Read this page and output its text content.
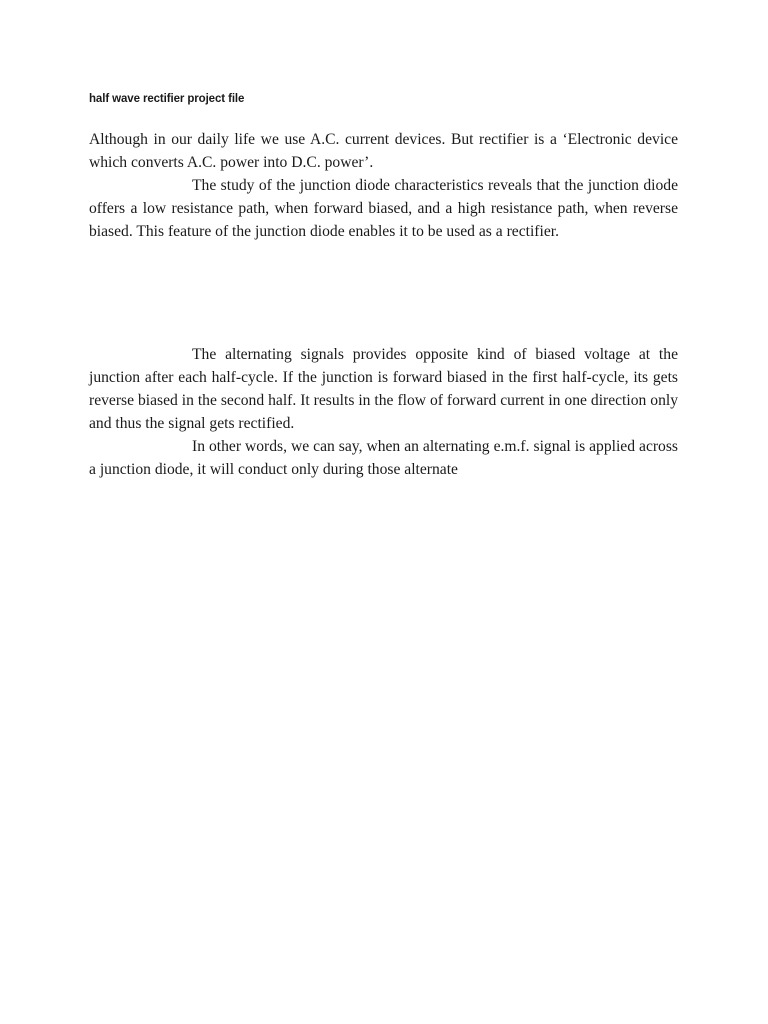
half wave rectifier project file

Although in our daily life we use A.C. current devices. But rectifier is a ‘Electronic device which converts A.C. power into D.C. power’.

The study of the junction diode characteristics reveals that the junction diode offers a low resistance path, when forward biased, and a high resistance path, when reverse biased. This feature of the junction diode enables it to be used as a rectifier.

The alternating signals provides opposite kind of biased voltage at the junction after each half-cycle. If the junction is forward biased in the first half-cycle, its gets reverse biased in the second half. It results in the flow of forward current in one direction only and thus the signal gets rectified.

In other words, we can say, when an alternating e.m.f. signal is applied across a junction diode, it will conduct only during those alternate
